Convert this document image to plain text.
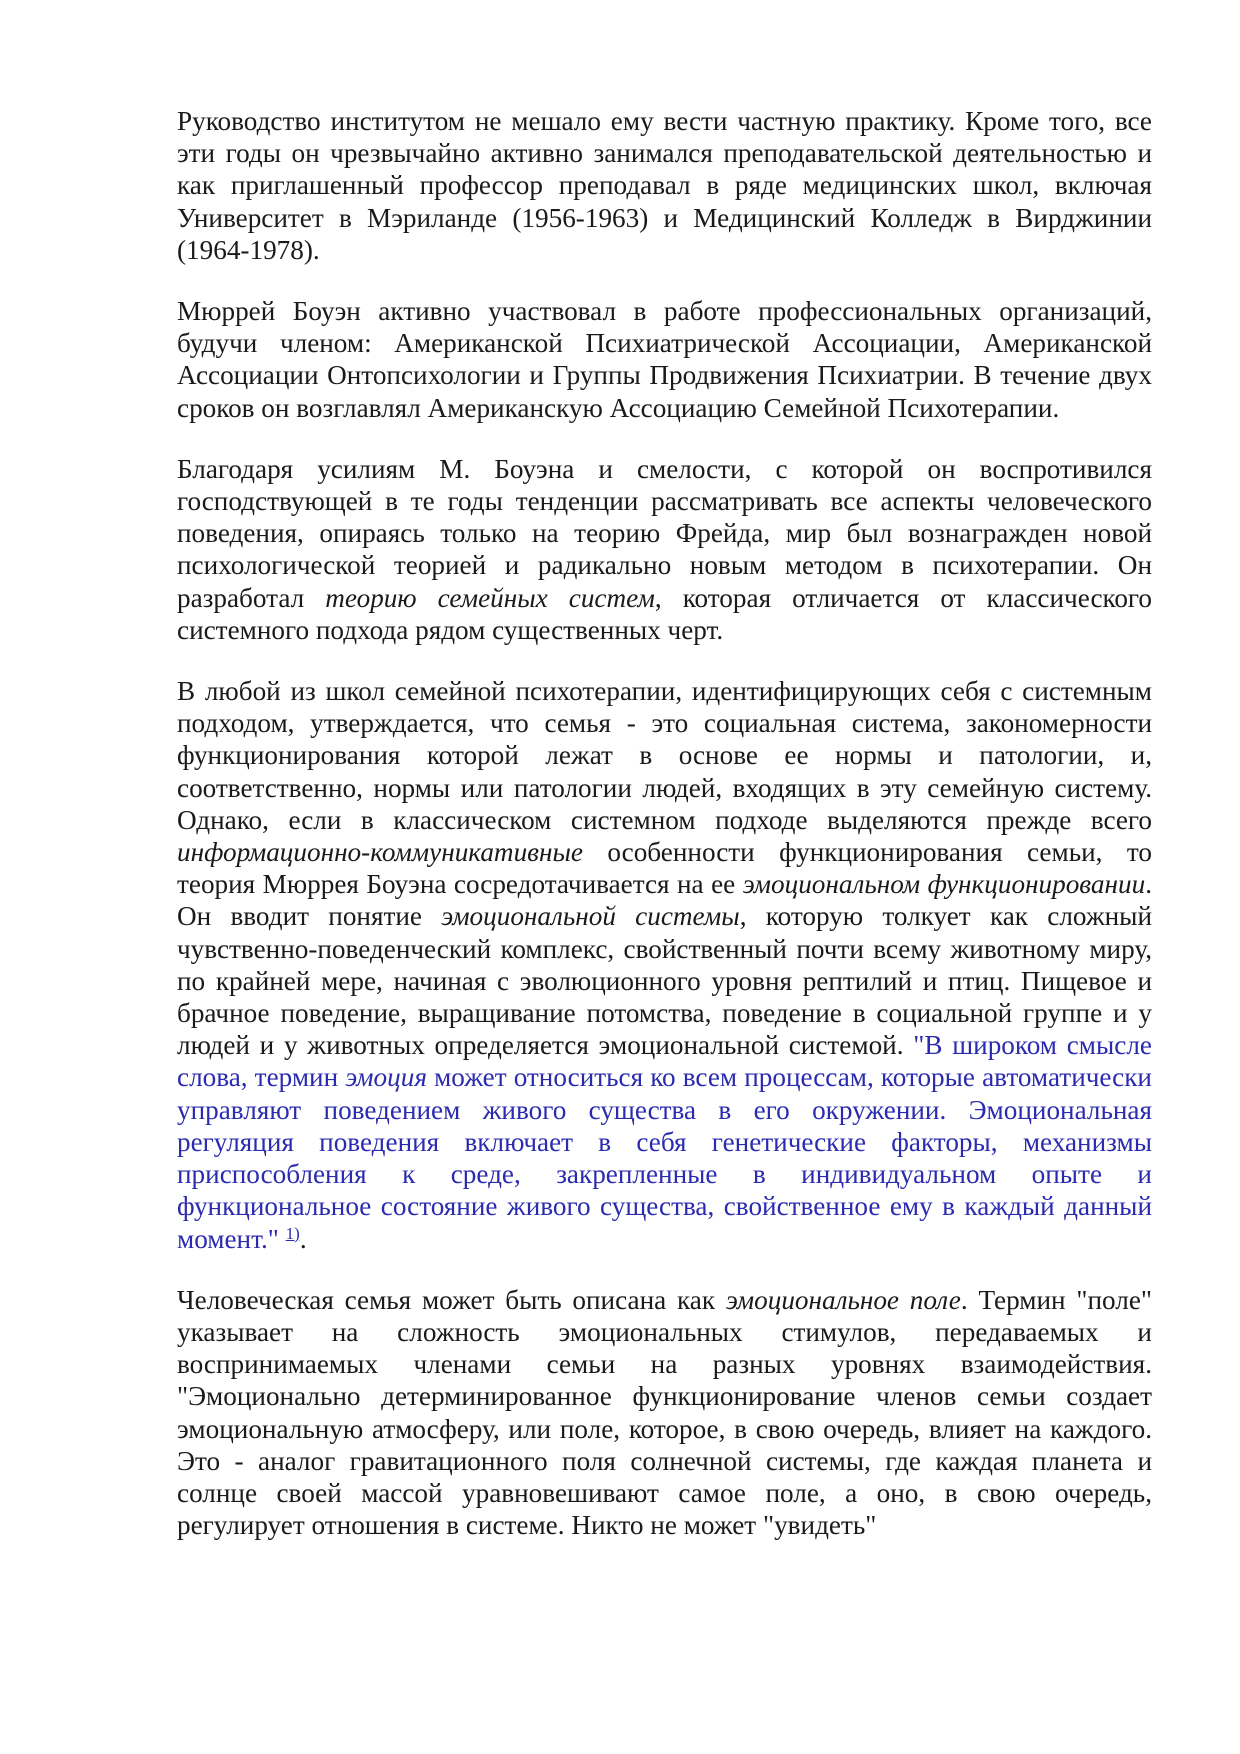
Руководство институтом не мешало ему вести частную практику. Кроме того, все эти годы он чрезвычайно активно занимался преподавательской деятельностью и как приглашенный профессор преподавал в ряде медицинских школ, включая Университет в Мэриланде (1956-1963) и Медицинский Колледж в Вирджинии (1964-1978).

Мюррей Боуэн активно участвовал в работе профессиональных организаций, будучи членом: Американской Психиатрической Ассоциации, Американской Ассоциации Онтопсихологии и Группы Продвижения Психиатрии. В течение двух сроков он возглавлял Американскую Ассоциацию Семейной Психотерапии.

Благодаря усилиям М. Боуэна и смелости, с которой он воспротивился господствующей в те годы тенденции рассматривать все аспекты человеческого поведения, опираясь только на теорию Фрейда, мир был вознагражден новой психологической теорией и радикально новым методом в психотерапии. Он разработал теорию семейных систем, которая отличается от классического системного подхода рядом существенных черт.

В любой из школ семейной психотерапии, идентифицирующих себя с системным подходом, утверждается, что семья - это социальная система, закономерности функционирования которой лежат в основе ее нормы и патологии, и, соответственно, нормы или патологии людей, входящих в эту семейную систему. Однако, если в классическом системном подходе выделяются прежде всего информационно-коммуникативные особенности функционирования семьи, то теория Мюррея Боуэна сосредотачивается на ее эмоциональном функционировании. Он вводит понятие эмоциональной системы, которую толкует как сложный чувственно-поведенческий комплекс, свойственный почти всему животному миру, по крайней мере, начиная с эволюционного уровня рептилий и птиц. Пищевое и брачное поведение, выращивание потомства, поведение в социальной группе и у людей и у животных определяется эмоциональной системой. "В широком смысле слова, термин эмоция может относиться ко всем процессам, которые автоматически управляют поведением живого существа в его окружении. Эмоциональная регуляция поведения включает в себя генетические факторы, механизмы приспособления к среде, закрепленные в индивидуальном опыте и функциональное состояние живого существа, свойственное ему в каждый данный момент." $^{1)}$.

Человеческая семья может быть описана как эмоциональное поле. Термин "поле" указывает на сложность эмоциональных стимулов, передаваемых и воспринимаемых членами семьи на разных уровнях взаимодействия. "Эмоционально детерминированное функционирование членов семьи создает эмоциональную атмосферу, или поле, которое, в свою очередь, влияет на каждого. Это - аналог гравитационного поля солнечной системы, где каждая планета и солнце своей массой уравновешивают самое поле, а оно, в свою очередь, регулирует отношения в системе. Никто не может "увидеть"
